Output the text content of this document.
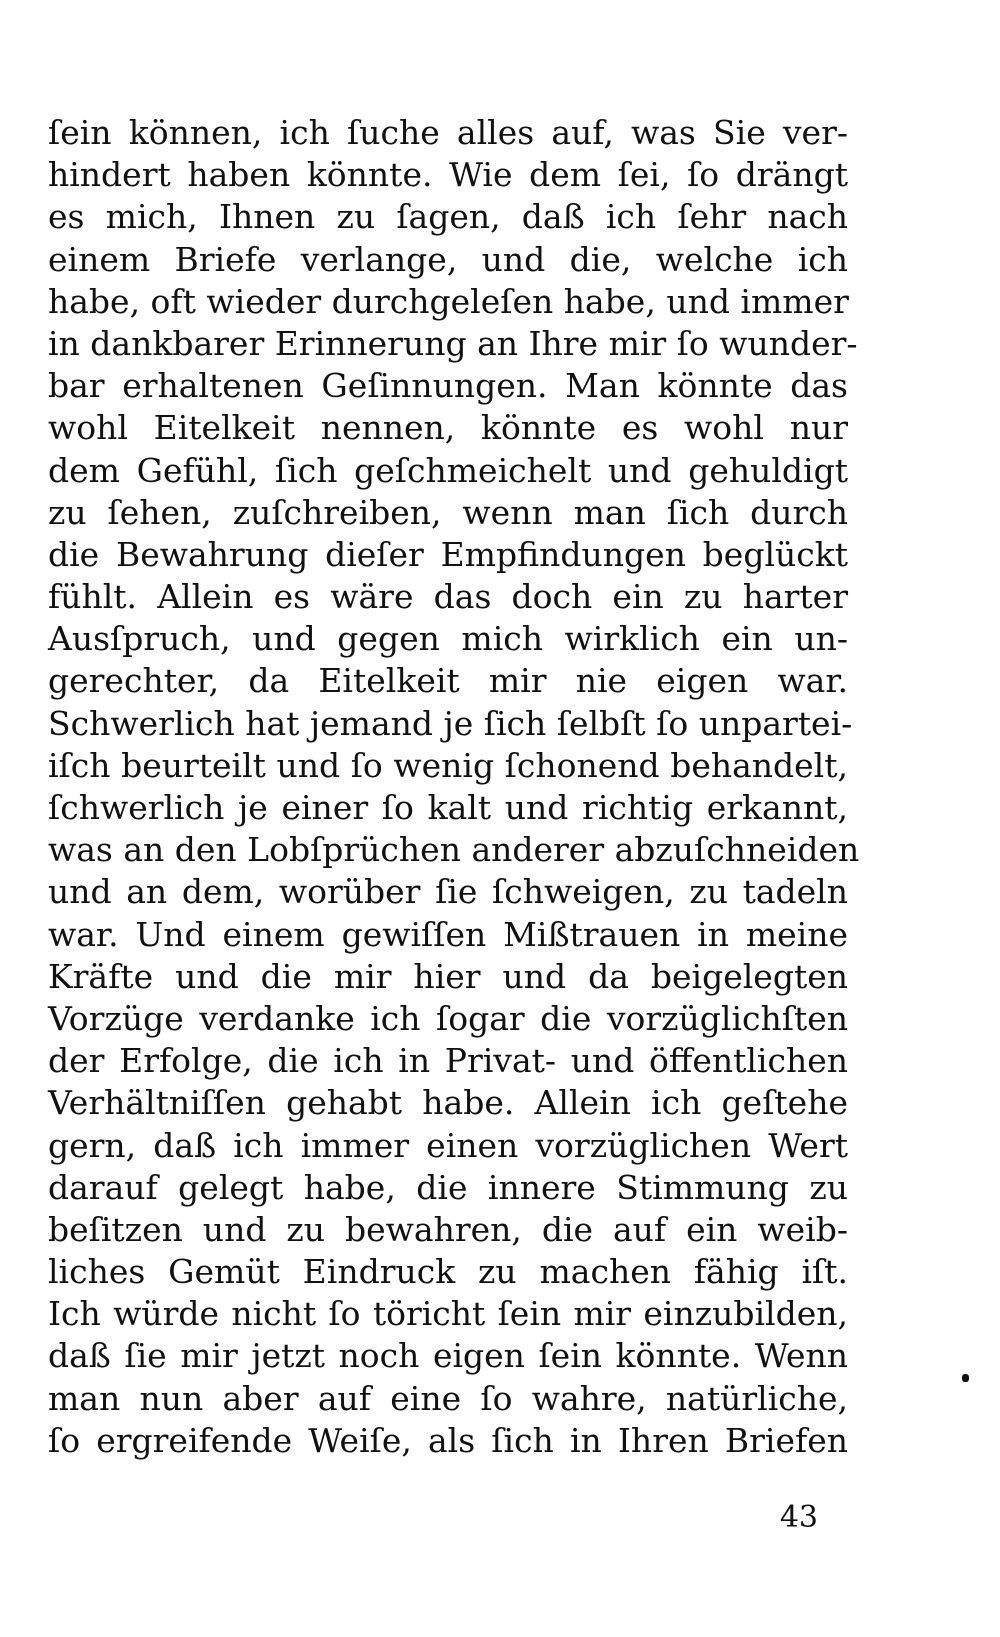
ſein können, ich ſuche alles auf, was Sie ver-
hindert haben könnte. Wie dem ſei, ſo drängt
es mich, Ihnen zu ſagen, daß ich ſehr nach
einem Briefe verlange, und die, welche ich
habe, oft wieder durchgeleſen habe, und immer
in dankbarer Erinnerung an Ihre mir ſo wunder-
bar erhaltenen Geſinnungen. Man könnte das
wohl Eitelkeit nennen, könnte es wohl nur
dem Gefühl, ſich geſchmeichelt und gehuldigt
zu ſehen, zuſchreiben, wenn man ſich durch
die Bewahrung dieſer Empfindungen beglückt
fühlt. Allein es wäre das doch ein zu harter
Ausſpruch, und gegen mich wirklich ein un-
gerechter, da Eitelkeit mir nie eigen war.
Schwerlich hat jemand je ſich ſelbſt ſo unpartei-
iſch beurteilt und ſo wenig ſchonend behandelt,
ſchwerlich je einer ſo kalt und richtig erkannt,
was an den Lobſprüchen anderer abzuſchneiden
und an dem, worüber ſie ſchweigen, zu tadeln
war. Und einem gewiſſen Mißtrauen in meine
Kräfte und die mir hier und da beigelegten
Vorzüge verdanke ich ſogar die vorzüglichſten
der Erfolge, die ich in Privat- und öffentlichen
Verhältniſſen gehabt habe. Allein ich geſtehe
gern, daß ich immer einen vorzüglichen Wert
darauf gelegt habe, die innere Stimmung zu
beſitzen und zu bewahren, die auf ein weib-
liches Gemüt Eindruck zu machen fähig iſt.
Ich würde nicht ſo töricht ſein mir einzubilden,
daß ſie mir jetzt noch eigen ſein könnte. Wenn
man nun aber auf eine ſo wahre, natürliche,
ſo ergreifende Weiſe, als ſich in Ihren Briefen
43
